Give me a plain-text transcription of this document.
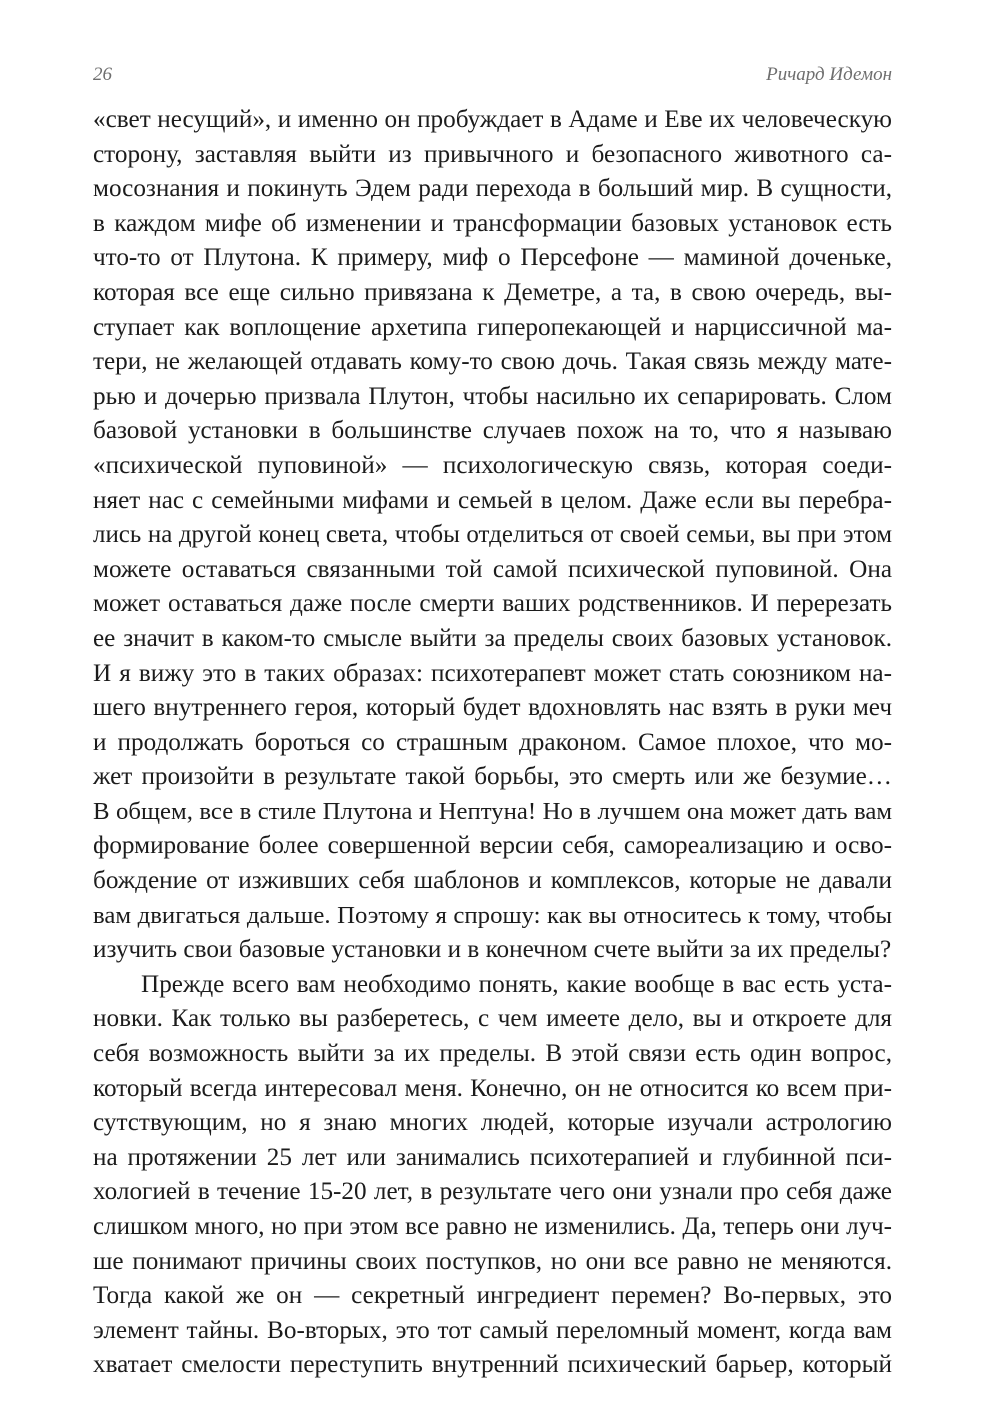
26	Ричард Идемон
«свет несущий», и именно он пробуждает в Адаме и Еве их человеческую
сторону, заставляя выйти из привычного и безопасного животного са-
мосознания и покинуть Эдем ради перехода в больший мир. В сущности,
в каждом мифе об изменении и трансформации базовых установок есть
что-то от Плутона. К примеру, миф о Персефоне — маминой доченьке,
которая все еще сильно привязана к Деметре, а та, в свою очередь, вы-
ступает как воплощение архетипа гиперопекающей и нарциссичной ма-
тери, не желающей отдавать кому-то свою дочь. Такая связь между мате-
рью и дочерью призвала Плутон, чтобы насильно их сепарировать. Слом
базовой установки в большинстве случаев похож на то, что я называю
«психической пуповиной» — психологическую связь, которая соеди-
няет нас с семейными мифами и семьей в целом. Даже если вы перебра-
лись на другой конец света, чтобы отделиться от своей семьи, вы при этом
можете оставаться связанными той самой психической пуповиной. Она
может оставаться даже после смерти ваших родственников. И перерезать
ее значит в каком-то смысле выйти за пределы своих базовых установок.
И я вижу это в таких образах: психотерапевт может стать союзником на-
шего внутреннего героя, который будет вдохновлять нас взять в руки меч
и продолжать бороться со страшным драконом. Самое плохое, что мо-
жет произойти в результате такой борьбы, это смерть или же безумие…
В общем, все в стиле Плутона и Нептуна! Но в лучшем она может дать вам
формирование более совершенной версии себя, самореализацию и осво-
бождение от изживших себя шаблонов и комплексов, которые не давали
вам двигаться дальше. Поэтому я спрошу: как вы относитесь к тому, чтобы
изучить свои базовые установки и в конечном счете выйти за их пределы?
Прежде всего вам необходимо понять, какие вообще в вас есть уста-
новки. Как только вы разберетесь, с чем имеете дело, вы и откроете для
себя возможность выйти за их пределы. В этой связи есть один вопрос,
который всегда интересовал меня. Конечно, он не относится ко всем при-
сутствующим, но я знаю многих людей, которые изучали астрологию
на протяжении 25 лет или занимались психотерапией и глубинной пси-
хологией в течение 15-20 лет, в результате чего они узнали про себя даже
слишком много, но при этом все равно не изменились. Да, теперь они луч-
ше понимают причины своих поступков, но они все равно не меняются.
Тогда какой же он — секретный ингредиент перемен? Во-первых, это
элемент тайны. Во-вторых, это тот самый переломный момент, когда вам
хватает смелости переступить внутренний психический барьер, который
